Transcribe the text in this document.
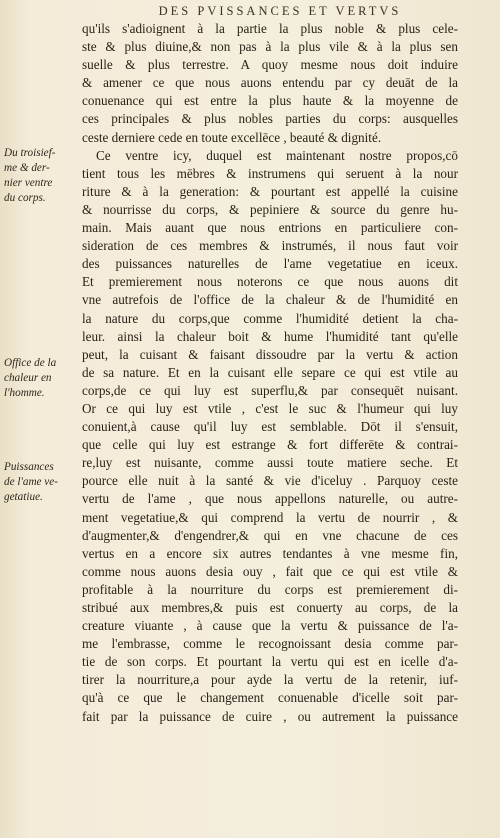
DES PVISSANCES ET VERTVS
qu'ils s'adioignent à la partie la plus noble & plus cele-
ste & plus diuine,& non pas à la plus vile & à la plus sen
suelle & plus terrestre. A quoy mesme nous doit induire
& amener ce que nous auons entendu par cy deuāt de la
conuenance qui est entre la plus haute & la moyenne de
ces principales & plus nobles parties du corps: ausquelles
ceste derniere cede en toute excellēce , beauté & dignité.
Ce ventre icy, duquel est maintenant nostre propos,cō
tient tous les mēbres & instrumens qui seruent à la nour
riture & à la generation: & pourtant est appellé la cuisine
& nourrisse du corps, & pepiniere & source du genre hu-
main. Mais auant que nous entrions en particuliere con-
sideration de ces membres & instrumés, il nous faut voir
des puissances naturelles de l'ame vegetatiue en iceux.
Et premierement nous noterons ce que nous auons dit
vne autrefois de l'office de la chaleur & de l'humidité en
la nature du corps,que comme l'humidité detient la cha-
leur. ainsi la chaleur boit & hume l'humidité tant qu'elle
peut, la cuisant & faisant dissoudre par la vertu & action
de sa nature. Et en la cuisant elle separe ce qui est vtile au
corps,de ce qui luy est superflu,& par consequēt nuisant.
Or ce qui luy est vtile , c'est le suc & l'humeur qui luy
conuient,à cause qu'il luy est semblable. Dōt il s'ensuit,
que celle qui luy est estrange & fort differēte & contrai-
re,luy est nuisante, comme aussi toute matiere seche. Et
pource elle nuit à la santé & vie d'iceluy . Parquoy ceste
vertu de l'ame , que nous appellons naturelle, ou autre-
ment vegetatiue,& qui comprend la vertu de nourrir , &
d'augmenter,& d'engendrer,& qui en vne chacune de ces
vertus en a encore six autres tendantes à vne mesme fin,
comme nous auons desia ouy , fait que ce qui est vtile &
profitable à la nourriture du corps est premierement di-
stribué aux membres,& puis est conuerty au corps, de la
creature viuante , à cause que la vertu & puissance de l'a-
me l'embrasse, comme le recognoissant desia comme par-
tie de son corps. Et pourtant la vertu qui est en icelle d'a-
tirer la nourriture,a pour ayde la vertu de la retenir, iuf-
qu'à ce que le changement conuenable d'icelle soit par-
fait par la puissance de cuire , ou autrement la puissance
Du troisief-
me & der-
nier ventre
du corps.
Office de la
chaleur en
l'homme.
Puissances
de l'ame ve-
getatiue.
